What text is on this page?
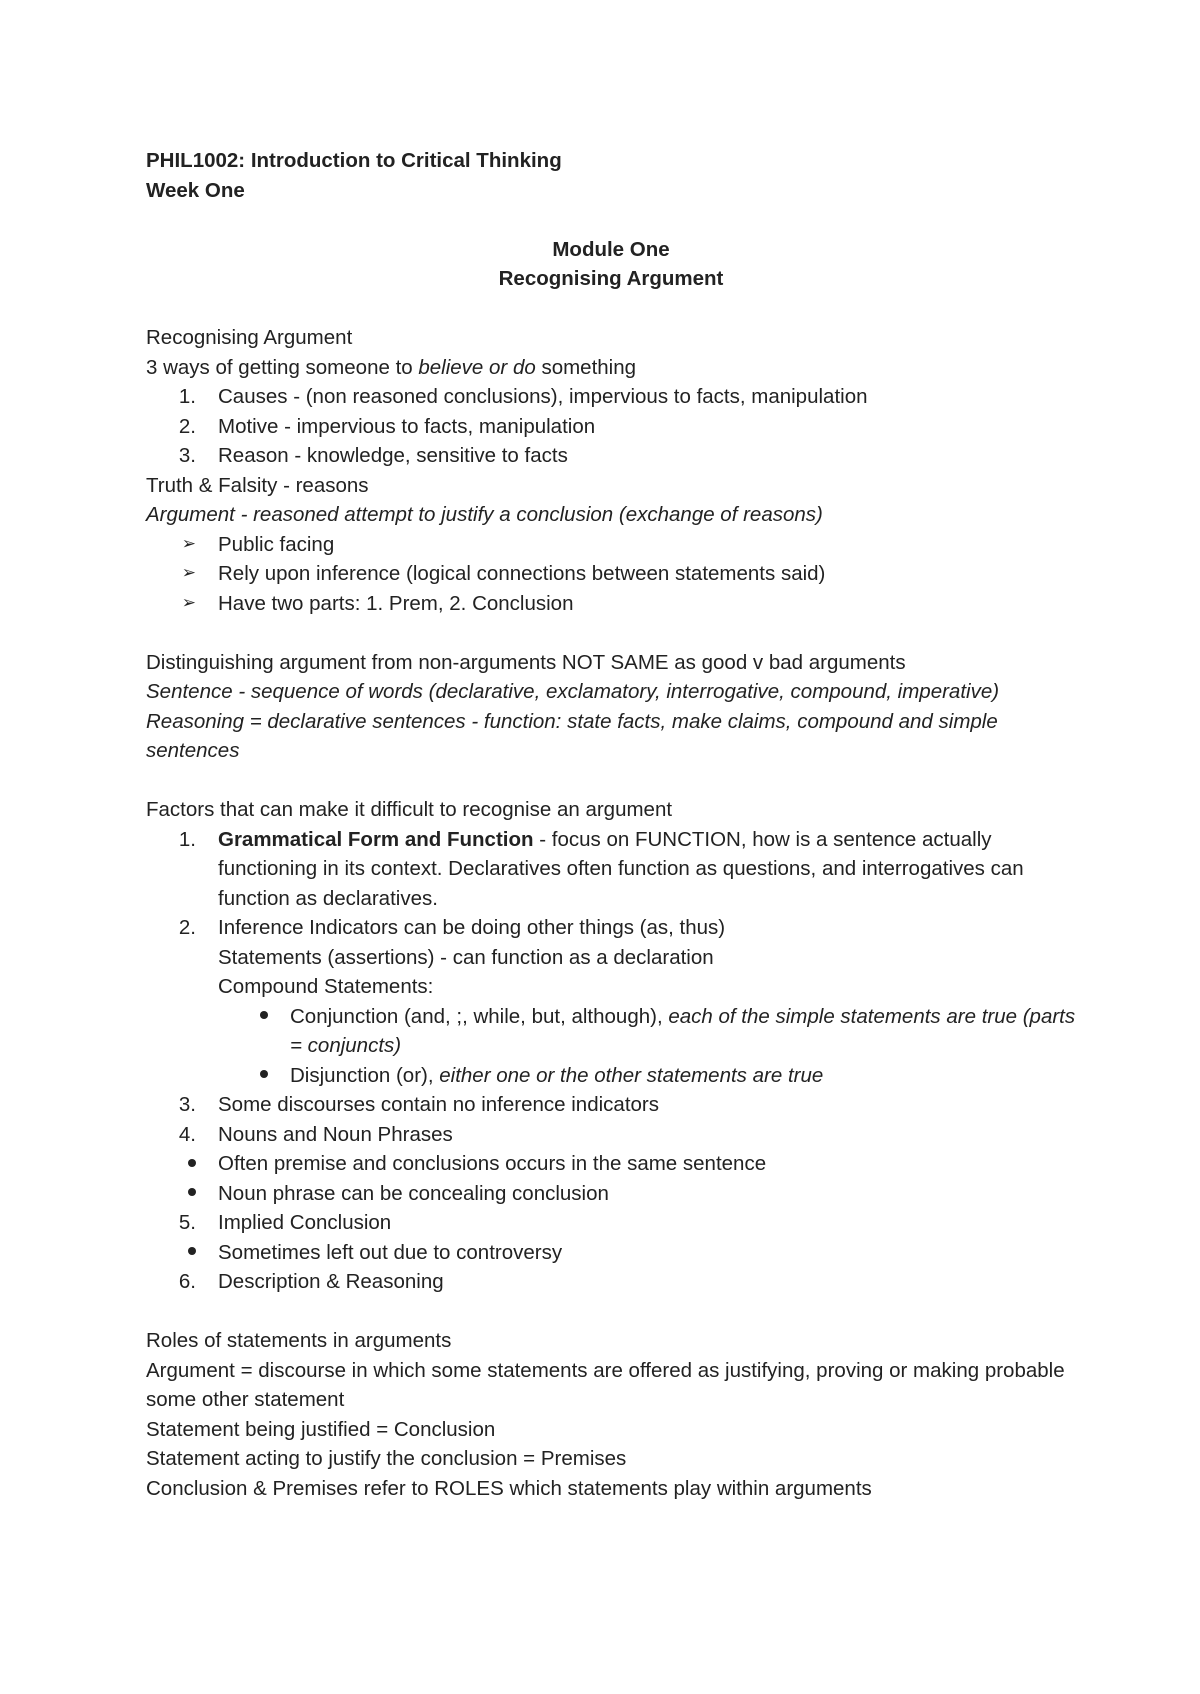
PHIL1002: Introduction to Critical Thinking
Week One
Module One
Recognising Argument
Recognising Argument
3 ways of getting someone to believe or do something
1.	Causes - (non reasoned conclusions), impervious to facts, manipulation
2.	Motive - impervious to facts, manipulation
3.	Reason - knowledge, sensitive to facts
Truth & Falsity - reasons
Argument - reasoned attempt to justify a conclusion (exchange of reasons)
➢	Public facing
➢	Rely upon inference (logical connections between statements said)
➢	Have two parts: 1. Prem, 2. Conclusion
Distinguishing argument from non-arguments NOT SAME as good v bad arguments
Sentence - sequence of words (declarative, exclamatory, interrogative, compound, imperative)
Reasoning = declarative sentences - function: state facts, make claims, compound and simple sentences
Factors that can make it difficult to recognise an argument
1.	Grammatical Form and Function - focus on FUNCTION, how is a sentence actually functioning in its context. Declaratives often function as questions, and interrogatives can function as declaratives.
2.	Inference Indicators can be doing other things (as, thus)
Statements (assertions) - can function as a declaration
Compound Statements:
Conjunction (and, ;, while, but, although), each of the simple statements are true (parts = conjuncts)
Disjunction (or), either one or the other statements are true
3.	Some discourses contain no inference indicators
4.	Nouns and Noun Phrases
Often premise and conclusions occurs in the same sentence
Noun phrase can be concealing conclusion
5.	Implied Conclusion
Sometimes left out due to controversy
6.	Description & Reasoning
Roles of statements in arguments
Argument = discourse in which some statements are offered as justifying, proving or making probable some other statement
Statement being justified = Conclusion
Statement acting to justify the conclusion = Premises
Conclusion & Premises refer to ROLES which statements play within arguments
